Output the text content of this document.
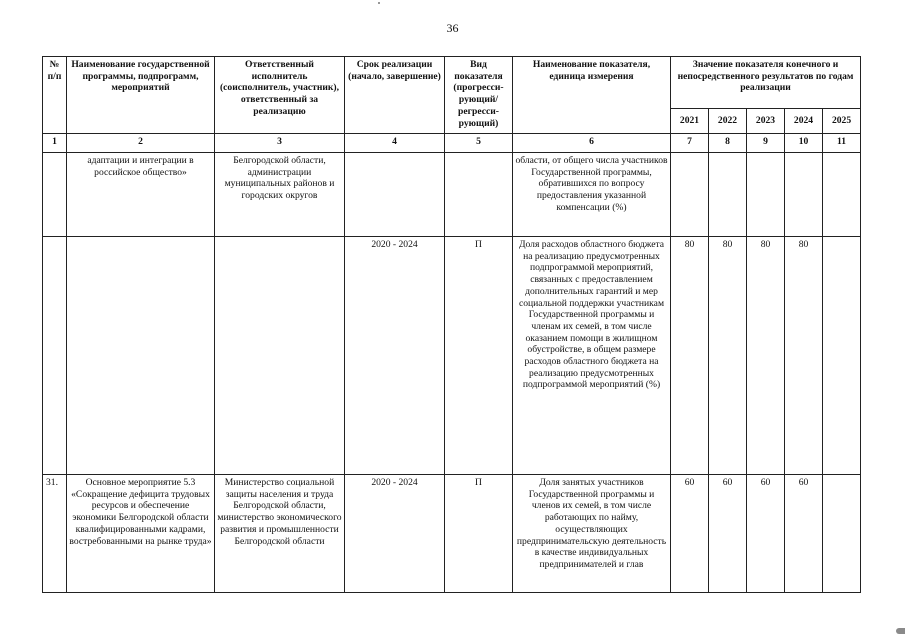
36
№ п/п	Наименование государственной программы, подпрограмм, мероприятий	Ответственный исполнитель (соисполнитель, участник), ответственный за реализацию	Срок реализации (начало, завершение)	Вид показателя (прогресси-рующий/ регресси-рующий)	Наименование показателя, единица измерения	Значение показателя конечного и непосредственного результатов по годам реализации				
						2021	2022	2023	2024	2025
1	2	3	4	5	6	7	8	9	10	11
	адаптации и интеграции в российское общество»	Белгородской области, администрации муниципальных районов и городских округов			области, от общего числа участников Государственной программы, обратившихся по вопросу предоставления указанной компенсации (%)					
			2020 - 2024	П	Доля расходов областного бюджета на реализацию предусмотренных подпрограммой мероприятий, связанных с предоставлением дополнительных гарантий и мер социальной поддержки участникам Государственной программы и членам их семей, в том числе оказанием помощи в жилищном обустройстве, в общем размере расходов областного бюджета на реализацию предусмотренных подпрограммой мероприятий (%)	80	80	80	80	
31.	Основное мероприятие 5.3 «Сокращение дефицита трудовых ресурсов и обеспечение экономики Белгородской области квалифицированными кадрами, востребованными на рынке труда»	Министерство социальной защиты населения и труда Белгородской области, министерство экономического развития и промышленности Белгородской области	2020 - 2024	П	Доля занятых участников Государственной программы и членов их семей, в том числе работающих по найму, осуществляющих предпринимательскую деятельность в качестве индивидуальных предпринимателей и глав	60	60	60	60	
